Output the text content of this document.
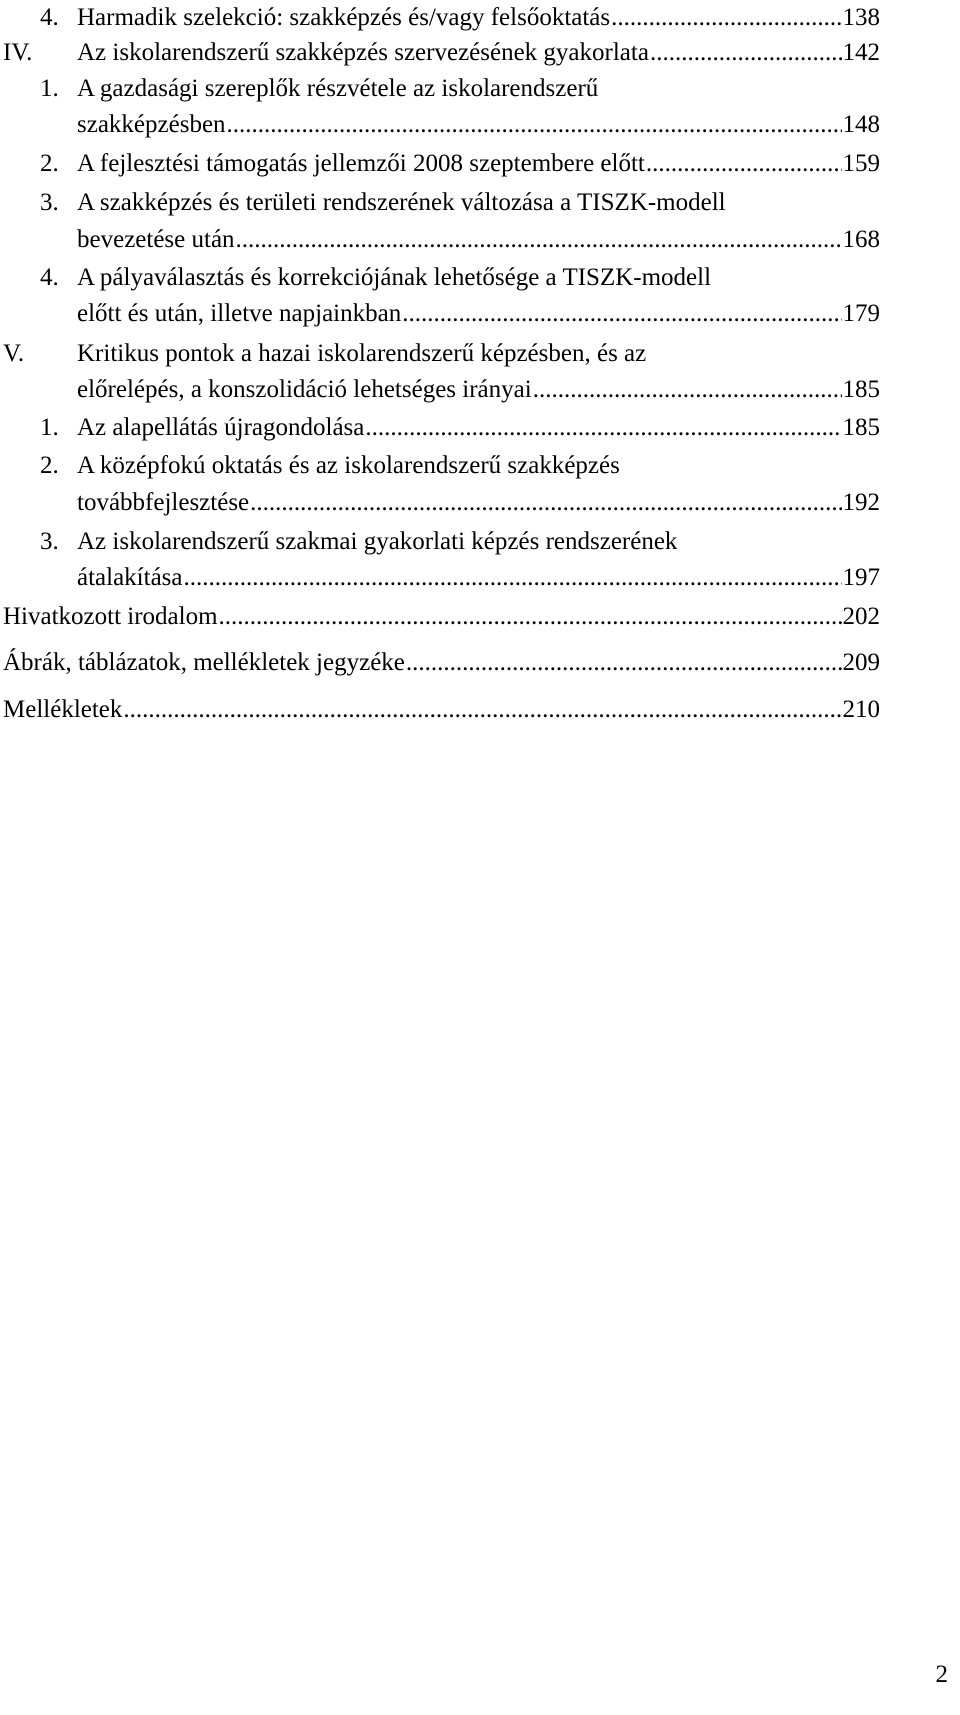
4. Harmadik szelekció: szakképzés és/vagy felsőoktatás .....	138
IV. Az iskolarendszerű szakképzés szervezésének gyakorlata .....	142
1. A gazdasági szereplők részvétele az iskolarendszerű
szakképzésben .....	148
2. A fejlesztési támogatás jellemzői 2008 szeptembere előtt .....	159
3. A szakképzés és területi rendszerének változása a TISZK-modell
bevezetése után .....	168
4. A pályaválasztás és korrekciójának lehetősége a TISZK-modell
előtt és után, illetve napjainkban .....	179
V. Kritikus pontok a hazai iskolarendszerű képzésben, és az
előrelépés, a konszolidáció lehetséges irányai .....	185
1. Az alapellátás újragondolása .....	185
2. A középfokú oktatás és az iskolarendszerű szakképzés
továbbfejlesztése .....	192
3. Az iskolarendszerű szakmai gyakorlati képzés rendszerének
átalakítása .....	197
Hivatkozott irodalom .....	202
Ábrák, táblázatok, mellékletek jegyzéke .....	209
Mellékletek .....	210
2
